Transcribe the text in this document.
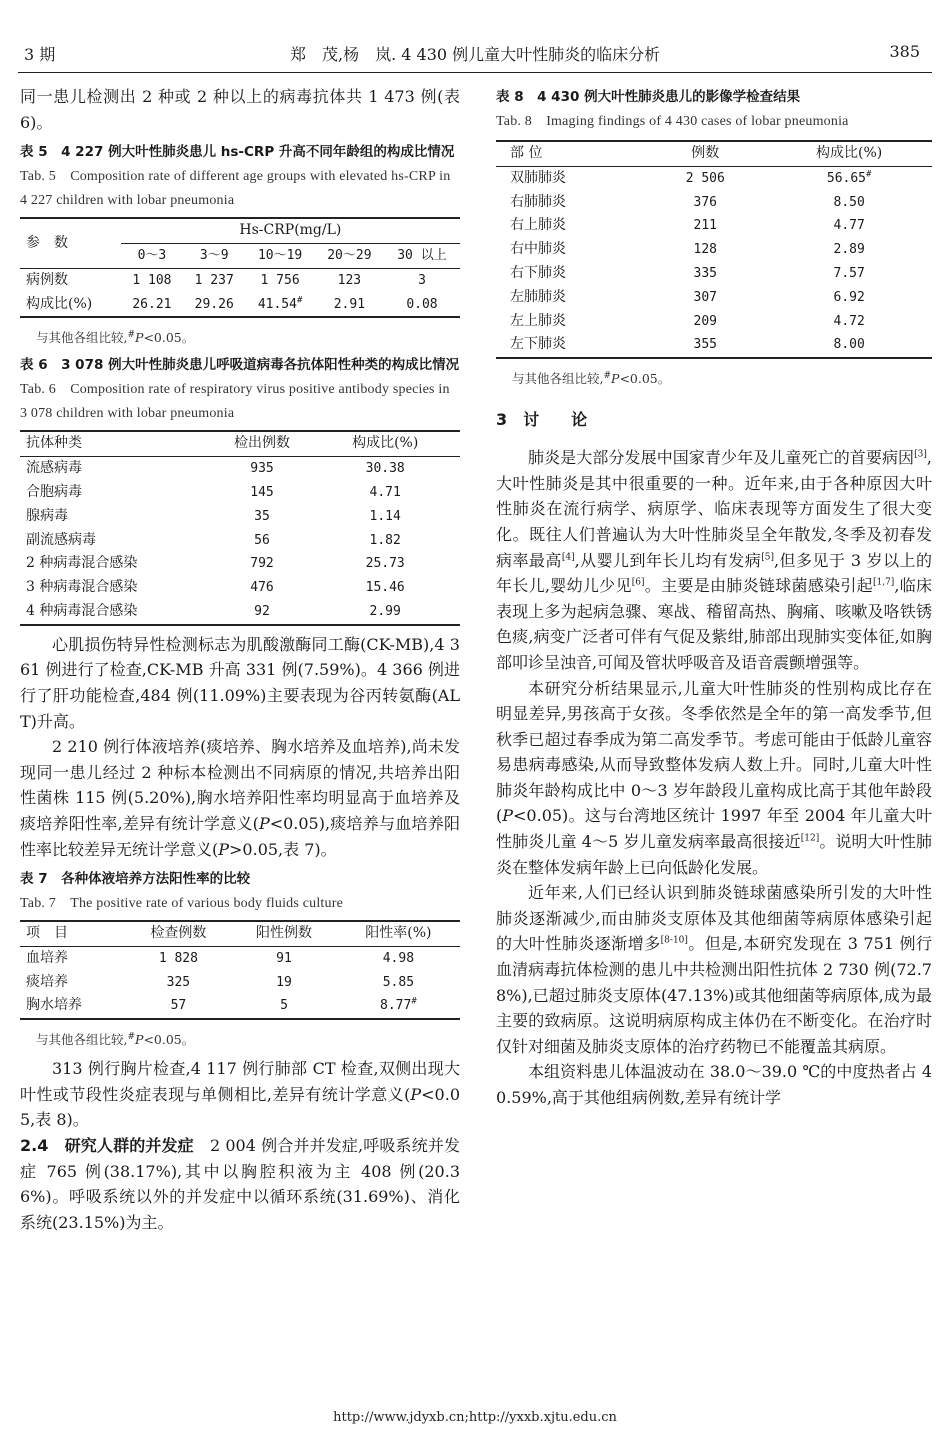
3 期	郑　茂,杨　岚. 4 430 例儿童大叶性肺炎的临床分析	385

同一患儿检测出 2 种或 2 种以上的病毒抗体共 1 473 例(表 6)。

表 5　4 227 例大叶性肺炎患儿 hs-CRP 升高不同年龄组的构成比情况
Tab. 5　Composition rate of different age groups with elevated hs-CRP in 4 227 children with lobar pneumonia
参　数	Hs-CRP(mg/L)				
	0～3	3～9	10～19	20～29	30 以上
病例数	1 108	1 237	1 756	123	3
构成比(%)	26.21	29.26	41.54#	2.91	0.08
与其他各组比较,#P<0.05。
表 6　3 078 例大叶性肺炎患儿呼吸道病毒各抗体阳性种类的构成比情况
Tab. 6　Composition rate of respiratory virus positive antibody species in 3 078 children with lobar pneumonia
抗体种类	检出例数	构成比(%)
流感病毒	935	30.38
合胞病毒	145	4.71
腺病毒	35	1.14
副流感病毒	56	1.82
2 种病毒混合感染	792	25.73
3 种病毒混合感染	476	15.46
4 种病毒混合感染	92	2.99

心肌损伤特异性检测标志为肌酸激酶同工酶(CK-MB),4 361 例进行了检查,CK-MB 升高 331 例(7.59%)。4 366 例进行了肝功能检查,484 例(11.09%)主要表现为谷丙转氨酶(ALT)升高。

2 210 例行体液培养(痰培养、胸水培养及血培养),尚未发现同一患儿经过 2 种标本检测出不同病原的情况,共培养出阳性菌株 115 例(5.20%),胸水培养阳性率均明显高于血培养及痰培养阳性率,差异有统计学意义(P<0.05),痰培养与血培养阳性率比较差异无统计学意义(P>0.05,表 7)。

表 7　各种体液培养方法阳性率的比较
Tab. 7　The positive rate of various body fluids culture
项　目	检查例数	阳性例数	阳性率(%)
血培养	1 828	91	4.98
痰培养	325	19	5.85
胸水培养	57	5	8.77#
与其他各组比较,#P<0.05。

313 例行胸片检查,4 117 例行肺部 CT 检查,双侧出现大叶性或节段性炎症表现与单侧相比,差异有统计学意义(P<0.05,表 8)。

2.4　研究人群的并发症　2 004 例合并并发症,呼吸系统并发症 765 例(38.17%),其中以胸腔积液为主 408 例(20.36%)。呼吸系统以外的并发症中以循环系统(31.69%)、消化系统(23.15%)为主。

表 8　4 430 例大叶性肺炎患儿的影像学检查结果
Tab. 8　Imaging findings of 4 430 cases of lobar pneumonia
部 位	例数	构成比(%)
双肺肺炎	2 506	56.65#
右肺肺炎	376	8.50
右上肺炎	211	4.77
右中肺炎	128	2.89
右下肺炎	335	7.57
左肺肺炎	307	6.92
左上肺炎	209	4.72
左下肺炎	355	8.00
与其他各组比较,#P<0.05。
3　讨　　论

肺炎是大部分发展中国家青少年及儿童死亡的首要病因[3],大叶性肺炎是其中很重要的一种。近年来,由于各种原因大叶性肺炎在流行病学、病原学、临床表现等方面发生了很大变化。既往人们普遍认为大叶性肺炎呈全年散发,冬季及初春发病率最高[4],从婴儿到年长儿均有发病[5],但多见于 3 岁以上的年长儿,婴幼儿少见[6]。主要是由肺炎链球菌感染引起[1,7],临床表现上多为起病急骤、寒战、稽留高热、胸痛、咳嗽及咯铁锈色痰,病变广泛者可伴有气促及紫绀,肺部出现肺实变体征,如胸部叩诊呈浊音,可闻及管状呼吸音及语音震颤增强等。

本研究分析结果显示,儿童大叶性肺炎的性别构成比存在明显差异,男孩高于女孩。冬季依然是全年的第一高发季节,但秋季已超过春季成为第二高发季节。考虑可能由于低龄儿童容易患病毒感染,从而导致整体发病人数上升。同时,儿童大叶性肺炎年龄构成比中 0～3 岁年龄段儿童构成比高于其他年龄段(P<0.05)。这与台湾地区统计 1997 年至 2004 年儿童大叶性肺炎儿童 4～5 岁儿童发病率最高很接近[12]。说明大叶性肺炎在整体发病年龄上已向低龄化发展。

近年来,人们已经认识到肺炎链球菌感染所引发的大叶性肺炎逐渐减少,而由肺炎支原体及其他细菌等病原体感染引起的大叶性肺炎逐渐增多[8-10]。但是,本研究发现在 3 751 例行血清病毒抗体检测的患儿中共检测出阳性抗体 2 730 例(72.78%),已超过肺炎支原体(47.13%)或其他细菌等病原体,成为最主要的致病原。这说明病原构成主体仍在不断变化。在治疗时仅针对细菌及肺炎支原体的治疗药物已不能覆盖其病原。

本组资料患儿体温波动在 38.0～39.0 ℃的中度热者占 40.59%,高于其他组病例数,差异有统计学

http://www.jdyxb.cn;http://yxxb.xjtu.edu.cn
